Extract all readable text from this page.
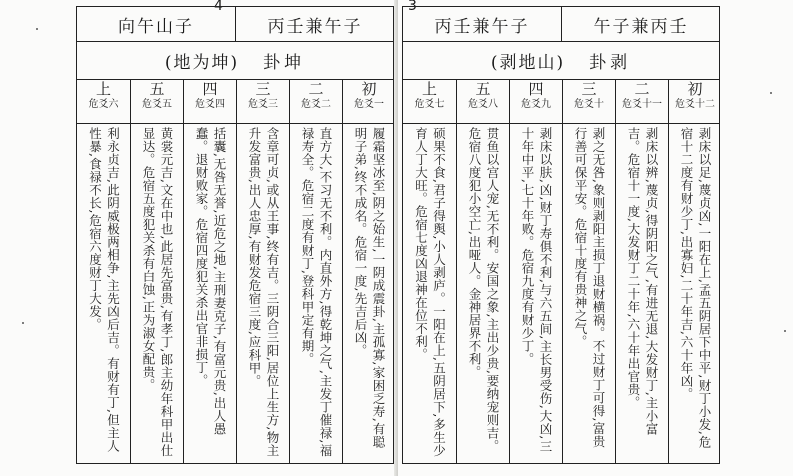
4
向午山子	丙壬兼午子
(地为坤) 卦坤
上
危爻六
利永贞吉,此阴威极两相争,主先凶后吉。有财有丁,但主人性暴,食禄不长,危宿六度财丁大发。
五
危爻五
黄裳元吉,文在中也,此居先富贵,有孝丁,郎主幼年科甲出仕显达。危宿五度犯关杀有白蚀,正为淑女配贵。
四
危爻四
括囊,无咎无誉,近危之地,主刑妻克子,有富元贵,出人愚蠢。退财败家。危宿四度犯关杀出官非损丁。
三
危爻三
含章可贞,或从王事,终有吉。三阴合三阳,居位上生方,物主升发富贵,出人忠厚,有财发危宿三度,应科甲。
二
危爻二
直方大,不习无不利。内直外方,得乾坤之气,主发丁催禄,福禄寿全。危宿二度有财丁,登科甲定有期。
初
危爻一
履霜坚冰至,阴之始生,一阴成震卦,主孤寡,家困乏寿,有聪明子弟,终不成名。危宿一度,先吉后凶。
3
丙壬兼午子	午子兼丙壬
(剥地山) 卦剥
上
危爻七
硕果不食,君子得舆,小人剥庐。一阳在上,五阴居下,多生少育人丁大旺。危宿七度凶退神在位不利。
五
危爻八
贯鱼以宫人宠,无不利。安国之象,主出少贵,要纳宠则吉。危宿八度犯小空亡,出哑人。金神居界不利。
四
危爻九
剥床以肤,凶,财丁寿俱不利,与六五间,主长男受伤,大凶,三十年中平,七十年败。危宿九度有财少丁。
三
危爻十
剥之无咎,象则剥阳主损丁退财横祸。不过财丁可得,富贵行善可保平安。危宿十度有贵神之气。
二
危爻十一
剥床以辨,蔑贞,得阴阳之气,有进无退,大发财丁,主小富吉。危宿十一度,大发财丁二十年,六十年出官贵。
初
危爻十二
剥床以足,蔑贞凶,一阳在上,孟五阴居下中平,财丁小发,危宿十二度有财少丁,出寡妇,二十年吉,六十年凶。
